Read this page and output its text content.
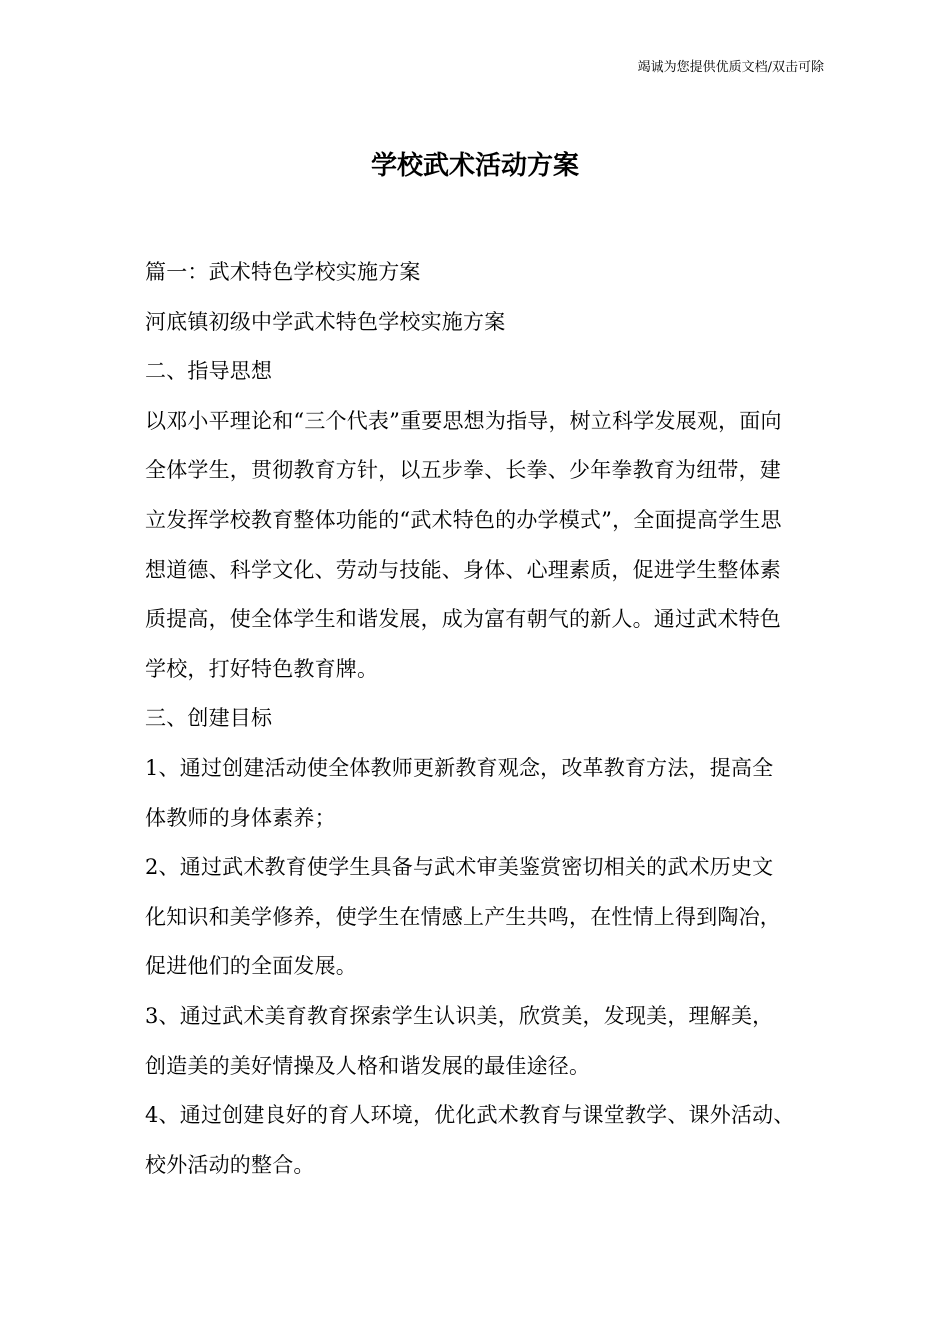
竭诚为您提供优质文档/双击可除
学校武术活动方案

篇一：武术特色学校实施方案

河底镇初级中学武术特色学校实施方案

二、指导思想

以邓小平理论和“三个代表”重要思想为指导，树立科学发展观，面向

全体学生，贯彻教育方针，以五步拳、长拳、少年拳教育为纽带，建

立发挥学校教育整体功能的“武术特色的办学模式”，全面提高学生思

想道德、科学文化、劳动与技能、身体、心理素质，促进学生整体素

质提高，使全体学生和谐发展，成为富有朝气的新人。通过武术特色

学校，打好特色教育牌。

三、创建目标

1、通过创建活动使全体教师更新教育观念，改革教育方法，提高全

体教师的身体素养；

2、通过武术教育使学生具备与武术审美鉴赏密切相关的武术历史文

化知识和美学修养，使学生在情感上产生共鸣，在性情上得到陶冶，

促进他们的全面发展。

3、通过武术美育教育探索学生认识美，欣赏美，发现美，理解美，

创造美的美好情操及人格和谐发展的最佳途径。

4、通过创建良好的育人环境，优化武术教育与课堂教学、课外活动、

校外活动的整合。
